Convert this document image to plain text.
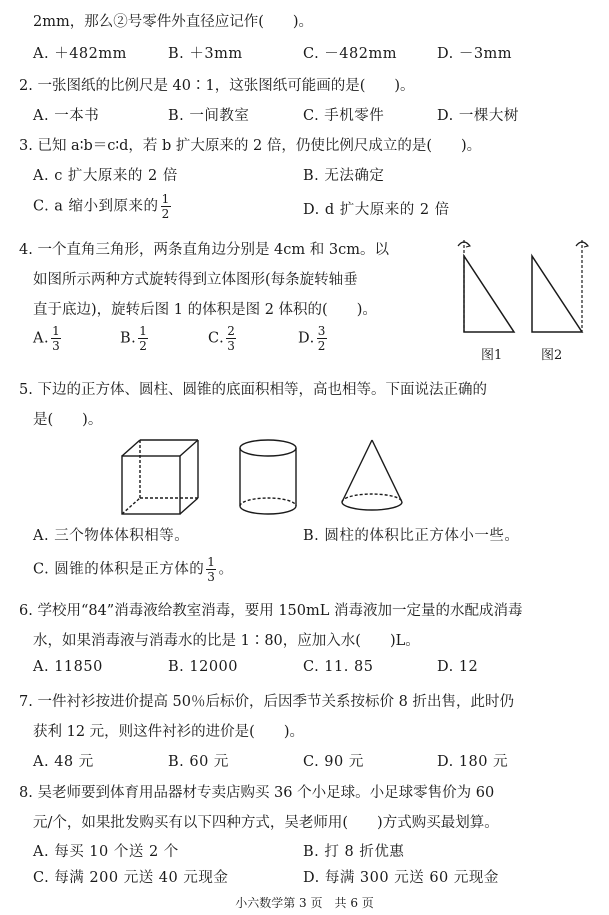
2mm，那么②号零件外直径应记作(　　)。
A. ＋482mm	B. ＋3mm	C. －482mm	D. －3mm
2. 一张图纸的比例尺是 40∶1，这张图纸可能画的是(　　)。
A. 一本书	B. 一间教室	C. 手机零件	D. 一棵大树
3. 已知 a∶b＝c∶d，若 b 扩大原来的 2 倍，仍使比例尺成立的是(　　)。
A. c 扩大原来的 2 倍	B. 无法确定
C. a 缩小到原来的 $\frac{1}{2}$	D. d 扩大原来的 2 倍
4. 一个直角三角形，两条直角边分别是 4cm 和 3cm。以
如图所示两种方式旋转得到立体图形(每条旋转轴垂
直于底边)，旋转后图 1 的体积是图 2 体积的(　　)。
A. $\frac{1}{3}$	B. $\frac{1}{2}$	C. $\frac{2}{3}$	D. $\frac{3}{2}$
图1	图2
5. 下边的正方体、圆柱、圆锥的底面积相等，高也相等。下面说法正确的
是(　　)。
A. 三个物体体积相等。	B. 圆柱的体积比正方体小一些。
C. 圆锥的体积是正方体的 $\frac{1}{3}$ 。
6. 学校用“84”消毒液给教室消毒，要用 150mL 消毒液加一定量的水配成消毒
水，如果消毒液与消毒水的比是 1∶80，应加入水(　　)L。
A. 11850	B. 12000	C. 11. 85	D. 12
7. 一件衬衫按进价提高 50％后标价，后因季节关系按标价 8 折出售，此时仍
获利 12 元，则这件衬衫的进价是(　　)。
A. 48 元	B. 60 元	C. 90 元	D. 180 元
8. 吴老师要到体育用品器材专卖店购买 36 个小足球。小足球零售价为 60
元/个，如果批发购买有以下四种方式，吴老师用(　　)方式购买最划算。
A. 每买 10 个送 2 个	B. 打 8 折优惠
C. 每满 200 元送 40 元现金	D. 每满 300 元送 60 元现金
小六数学第 3 页　共 6 页
